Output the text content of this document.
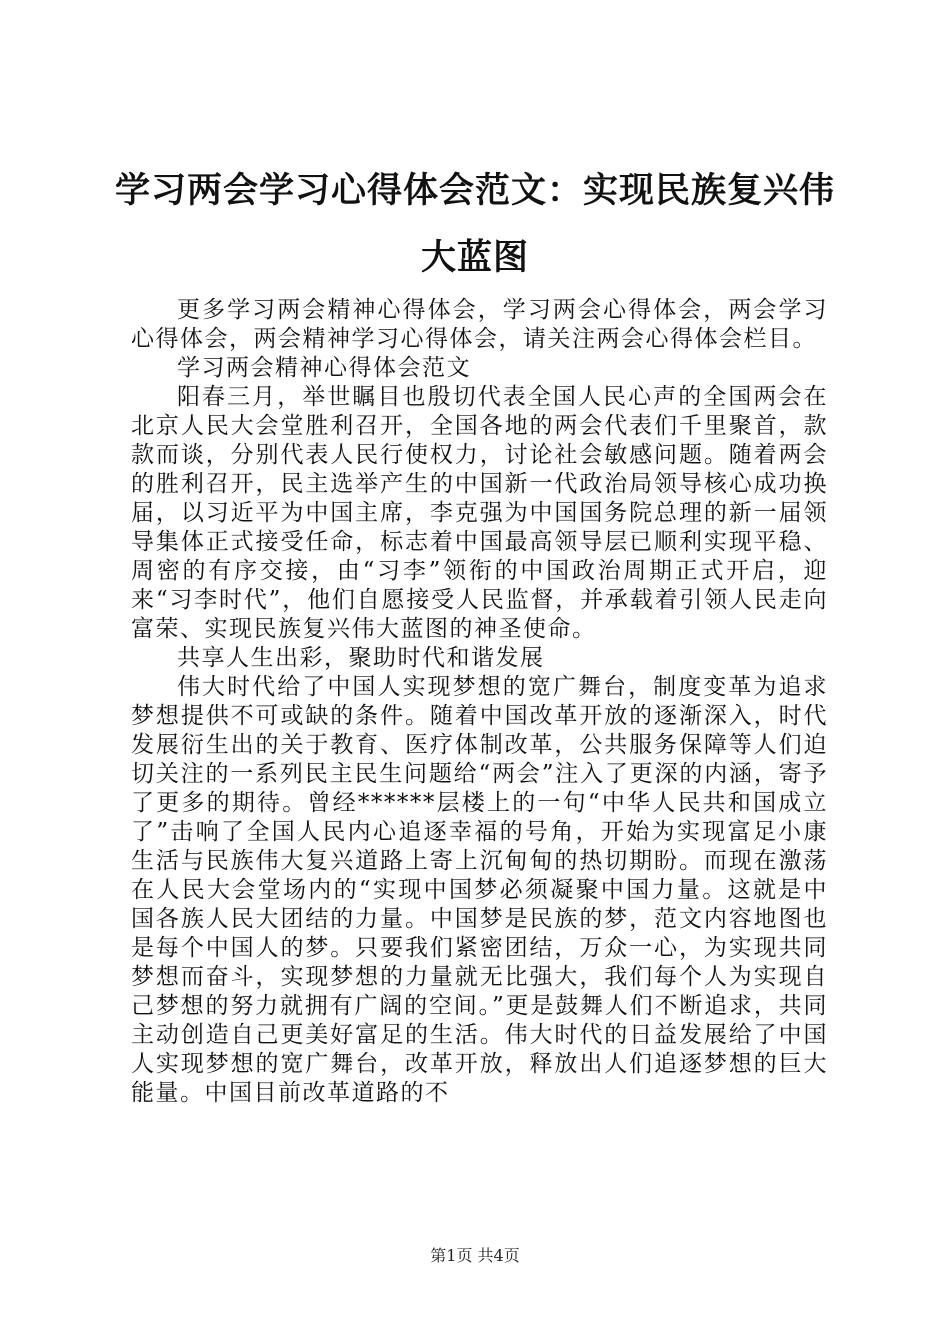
学习两会学习心得体会范文：实现民族复兴伟大蓝图

更多学习两会精神心得体会，学习两会心得体会，两会学习心得体会，两会精神学习心得体会，请关注两会心得体会栏目。

学习两会精神心得体会范文

阳春三月，举世瞩目也殷切代表全国人民心声的全国两会在北京人民大会堂胜利召开，全国各地的两会代表们千里聚首，款款而谈，分别代表人民行使权力，讨论社会敏感问题。随着两会的胜利召开，民主选举产生的中国新一代政治局领导核心成功换届，以习近平为中国主席，李克强为中国国务院总理的新一届领导集体正式接受任命，标志着中国最高领导层已顺利实现平稳、周密的有序交接，由“习李”领衔的中国政治周期正式开启，迎来“习李时代”，他们自愿接受人民监督，并承载着引领人民走向富荣、实现民族复兴伟大蓝图的神圣使命。

共享人生出彩，聚助时代和谐发展

伟大时代给了中国人实现梦想的宽广舞台，制度变革为追求梦想提供不可或缺的条件。随着中国改革开放的逐渐深入，时代发展衍生出的关于教育、医疗体制改革，公共服务保障等人们迫切关注的一系列民主民生问题给“两会”注入了更深的内涵，寄予了更多的期待。曾经******层楼上的一句“中华人民共和国成立了”击响了全国人民内心追逐幸福的号角，开始为实现富足小康生活与民族伟大复兴道路上寄上沉甸甸的热切期盼。而现在激荡在人民大会堂场内的“实现中国梦必须凝聚中国力量。这就是中国各族人民大团结的力量。中国梦是民族的梦，范文内容地图也是每个中国人的梦。只要我们紧密团结，万众一心，为实现共同梦想而奋斗，实现梦想的力量就无比强大，我们每个人为实现自己梦想的努力就拥有广阔的空间。”更是鼓舞人们不断追求，共同主动创造自己更美好富足的生活。伟大时代的日益发展给了中国人实现梦想的宽广舞台，改革开放，释放出人们追逐梦想的巨大能量。中国目前改革道路的不

第1页 共4页
